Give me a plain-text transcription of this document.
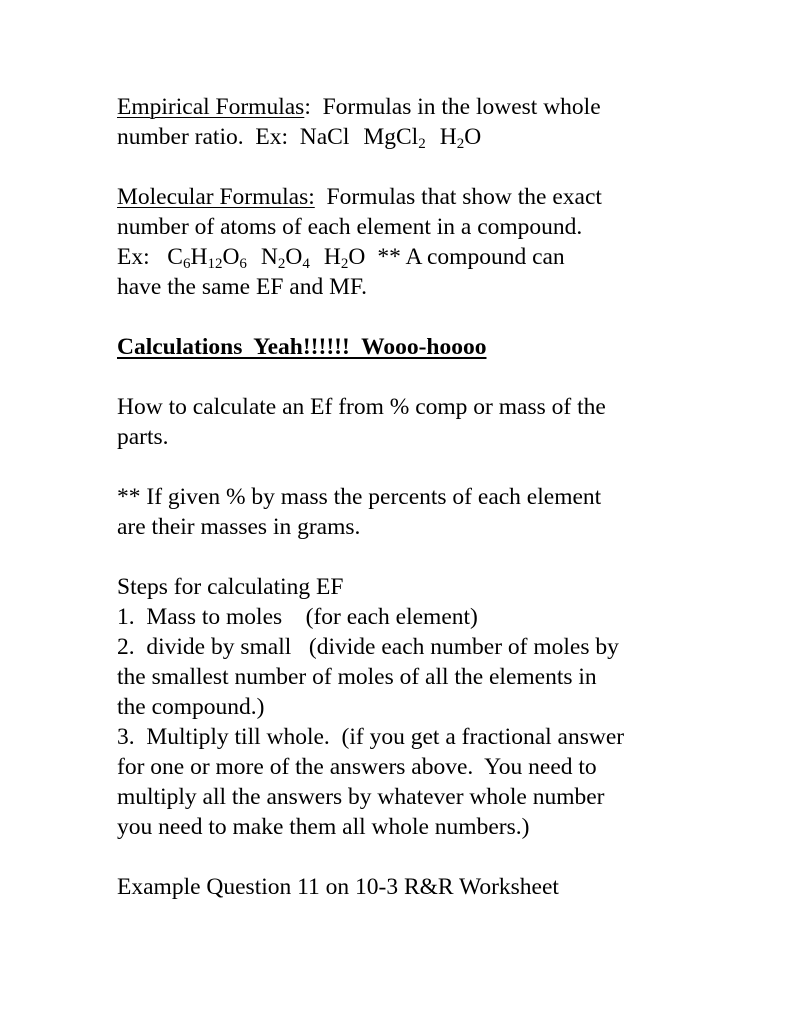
Empirical Formulas: Formulas in the lowest whole
number ratio. Ex: NaCl MgCl$_2$ $H_2O$
Molecular Formulas: Formulas that show the exact
number of atoms of each element in a compound.
Ex: $C_6H_{12}O_6$ $N_2O_4$ $H_2O$ ** A compound can
have the same EF and MF.
Calculations  Yeah!!!!!!  Wooo-hoooo
How to calculate an Ef from % comp or mass of the
parts.
** If given % by mass the percents of each element
are their masses in grams.
Steps for calculating EF
1.  Mass to moles    (for each element)
2.  divide by small   (divide each number of moles by
the smallest number of moles of all the elements in
the compound.)
3.  Multiply till whole.  (if you get a fractional answer
for one or more of the answers above.  You need to
multiply all the answers by whatever whole number
you need to make them all whole numbers.)
Example Question 11 on 10-3 R&R Worksheet
